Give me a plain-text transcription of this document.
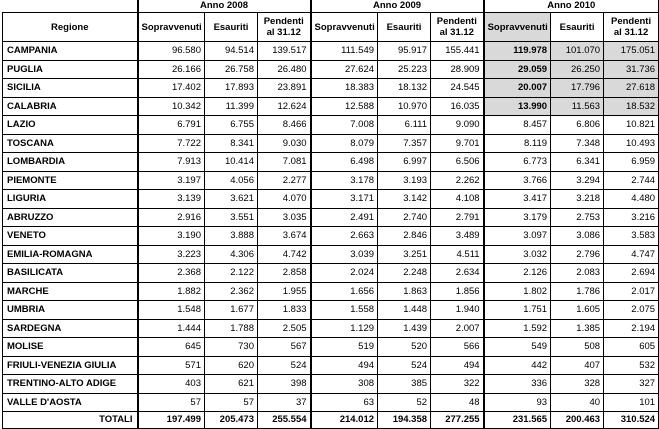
	Anno 2008			Anno 2009			Anno 2010		
Regione	Sopravvenuti	Esauriti	Pendenti al 31.12	Sopravvenuti	Esauriti	Pendenti al 31.12	Sopravvenuti	Esauriti	Pendenti al 31.12
CAMPANIA	96.580	94.514	139.517	111.549	95.917	155.441	119.978	101.070	175.051
PUGLIA	26.166	26.758	26.480	27.624	25.223	28.909	29.059	26.250	31.736
SICILIA	17.402	17.893	23.891	18.383	18.132	24.545	20.007	17.796	27.618
CALABRIA	10.342	11.399	12.624	12.588	10.970	16.035	13.990	11.563	18.532
LAZIO	6.791	6.755	8.466	7.008	6.111	9.090	8.457	6.806	10.821
TOSCANA	7.722	8.341	9.030	8.079	7.357	9.701	8.119	7.348	10.493
LOMBARDIA	7.913	10.414	7.081	6.498	6.997	6.506	6.773	6.341	6.959
PIEMONTE	3.197	4.056	2.277	3.178	3.193	2.262	3.766	3.294	2.744
LIGURIA	3.139	3.621	4.070	3.171	3.142	4.108	3.417	3.218	4.480
ABRUZZO	2.916	3.551	3.035	2.491	2.740	2.791	3.179	2.753	3.216
VENETO	3.190	3.888	3.674	2.663	2.846	3.489	3.097	3.086	3.583
EMILIA-ROMAGNA	3.223	4.306	4.742	3.039	3.251	4.511	3.032	2.796	4.747
BASILICATA	2.368	2.122	2.858	2.024	2.248	2.634	2.126	2.083	2.694
MARCHE	1.882	2.362	1.955	1.656	1.863	1.856	1.802	1.786	2.017
UMBRIA	1.548	1.677	1.833	1.558	1.448	1.940	1.751	1.605	2.075
SARDEGNA	1.444	1.788	2.505	1.129	1.439	2.007	1.592	1.385	2.194
MOLISE	645	730	567	519	520	566	549	508	605
FRIULI-VENEZIA GIULIA	571	620	524	494	524	494	442	407	532
TRENTINO-ALTO ADIGE	403	621	398	308	385	322	336	328	327
VALLE D'AOSTA	57	57	37	63	52	48	93	40	101
TOTALI	197.499	205.473	255.554	214.012	194.358	277.255	231.565	200.463	310.524
